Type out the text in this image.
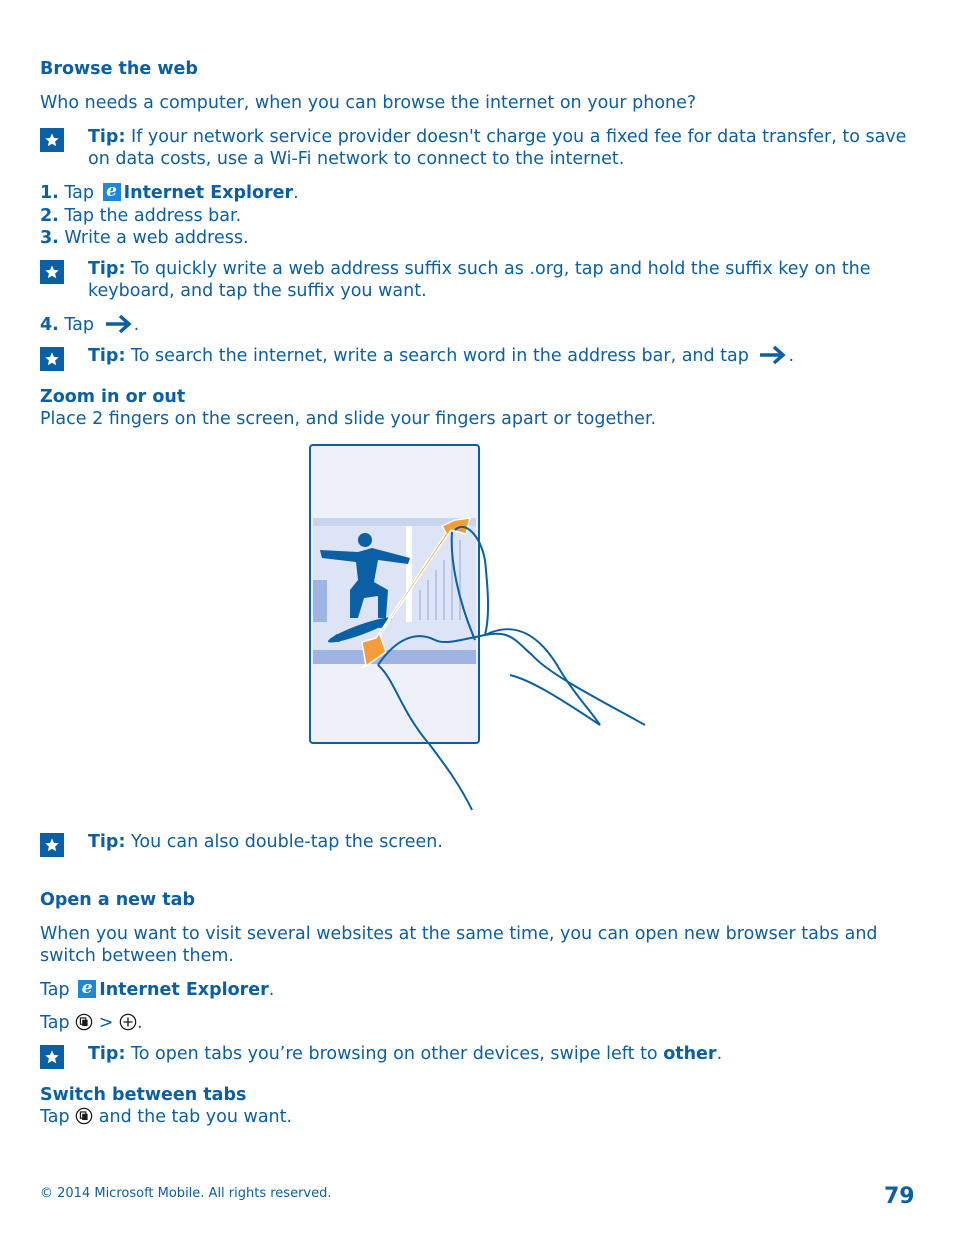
Browse the web
Who needs a computer, when you can browse the internet on your phone?
Tip: If your network service provider doesn't charge you a fixed fee for data transfer, to save on data costs, use a Wi-Fi network to connect to the internet.
1. Tap e Internet Explorer.
2. Tap the address bar.
3. Write a web address.
Tip: To quickly write a web address suffix such as .org, tap and hold the suffix key on the keyboard, and tap the suffix you want.
4. Tap .
Tip: To search the internet, write a search word in the address bar, and tap .
Zoom in or out
Place 2 fingers on the screen, and slide your fingers apart or together.
Tip: You can also double-tap the screen.
Open a new tab
When you want to visit several websites at the same time, you can open new browser tabs and switch between them.
Tap e Internet Explorer.
Tap  > .
Tip: To open tabs you’re browsing on other devices, swipe left to other.
Switch between tabs
Tap  and the tab you want.
© 2014 Microsoft Mobile. All rights reserved.	79
